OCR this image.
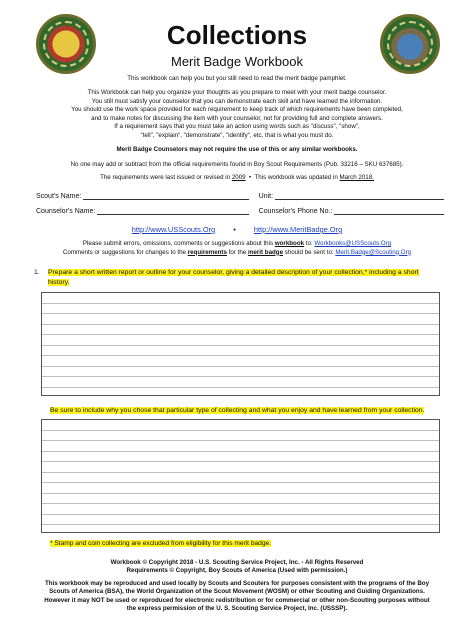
Collections
Merit Badge Workbook
This workbook can help you but you still need to read the merit badge pamphlet.
This Workbook can help you organize your thoughts as you prepare to meet with your merit badge counselor.
You still must satisfy your counselor that you can demonstrate each skill and have learned the information.
You should use the work space provided for each requirement to keep track of which requirements have been completed,
and to make notes for discussing the item with your counselor, not for providing full and complete answers.
If a requirement says that you must take an action using words such as "discuss", "show",
"tell", "explain", "demonstrate", "identify", etc, that is what you must do.
Merit Badge Counselors may not require the use of this or any similar workbooks.
No one may add or subtract from the official requirements found in Boy Scout Requirements (Pub. 33216 – SKU 637685).
The requirements were last issued or revised in 2009 • This workbook was updated in March 2018.
Scout's Name:	Unit:
Counselor's Name:	Counselor's Phone No.:
http://www.USScouts.Org • http://www.MeritBadge.Org
Please submit errors, omissions, comments or suggestions about this workbook to: Workbooks@USScouts.Org
Comments or suggestions for changes to the requirements for the merit badge should be sent to: Merit.Badge@Scouting.Org
1.	Prepare a short written report or outline for your counselor, giving a detailed description of your collection,* including a short history.
Be sure to include why you chose that particular type of collecting and what you enjoy and have learned from your collection.
* Stamp and coin collecting are excluded from eligibility for this merit badge.
Workbook © Copyright 2018 - U.S. Scouting Service Project, Inc. - All Rights Reserved
Requirements © Copyright, Boy Scouts of America (Used with permission.)
This workbook may be reproduced and used locally by Scouts and Scouters for purposes consistent with the programs of the Boy
Scouts of America (BSA), the World Organization of the Scout Movement (WOSM) or other Scouting and Guiding Organizations.
However it may NOT be used or reproduced for electronic redistribution or for commercial or other non-Scouting purposes without
the express permission of the U. S. Scouting Service Project, Inc. (USSSP).
